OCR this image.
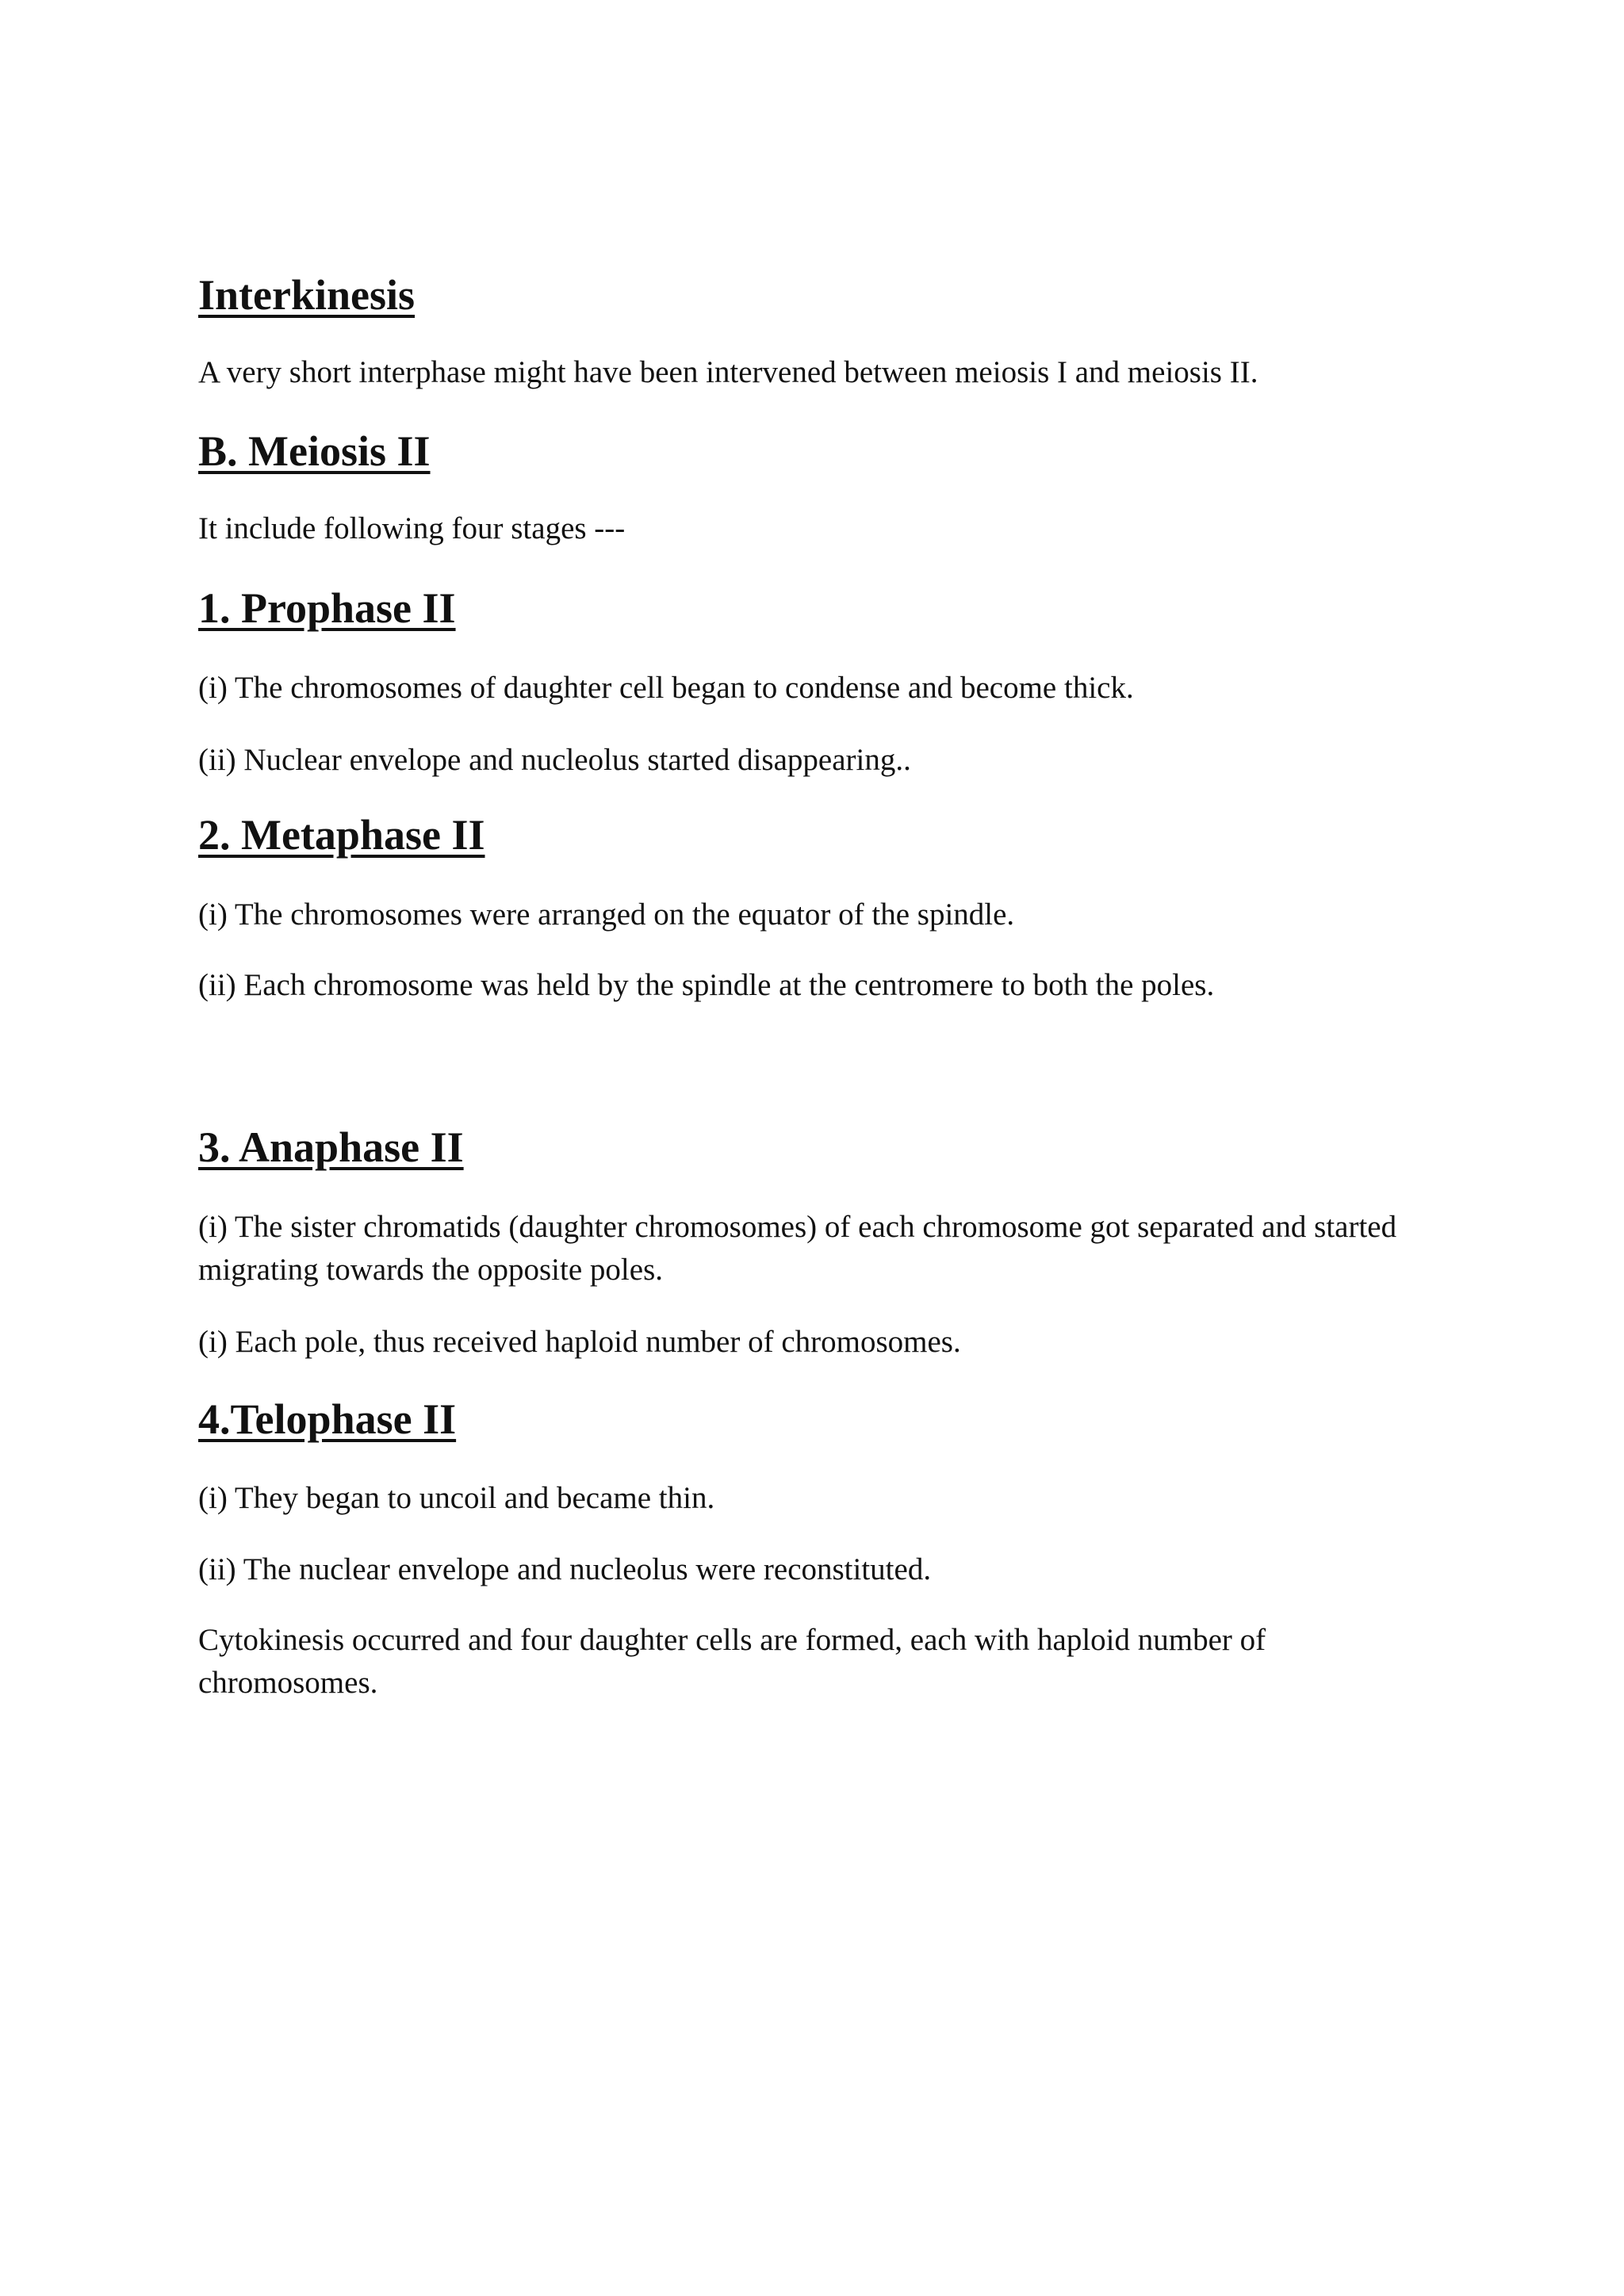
Interkinesis

A very short interphase might have been intervened between meiosis I and meiosis II.

B. Meiosis II

It include following four stages ---

1. Prophase II

(i) The chromosomes of daughter cell began to condense and become thick.

(ii) Nuclear envelope and nucleolus started disappearing..

2. Metaphase II

(i) The chromosomes were arranged on the equator of the spindle.

(ii) Each chromosome was held by the spindle at the centromere to both the poles.

3. Anaphase II

(i) The sister chromatids (daughter chromosomes) of each chromosome got separated and started migrating towards the opposite poles.

(i) Each pole, thus received haploid number of chromosomes.

4.Telophase II

(i) They began to uncoil and became thin.

(ii) The nuclear envelope and nucleolus were reconstituted.

Cytokinesis occurred and four daughter cells are formed, each with haploid number of chromosomes.
